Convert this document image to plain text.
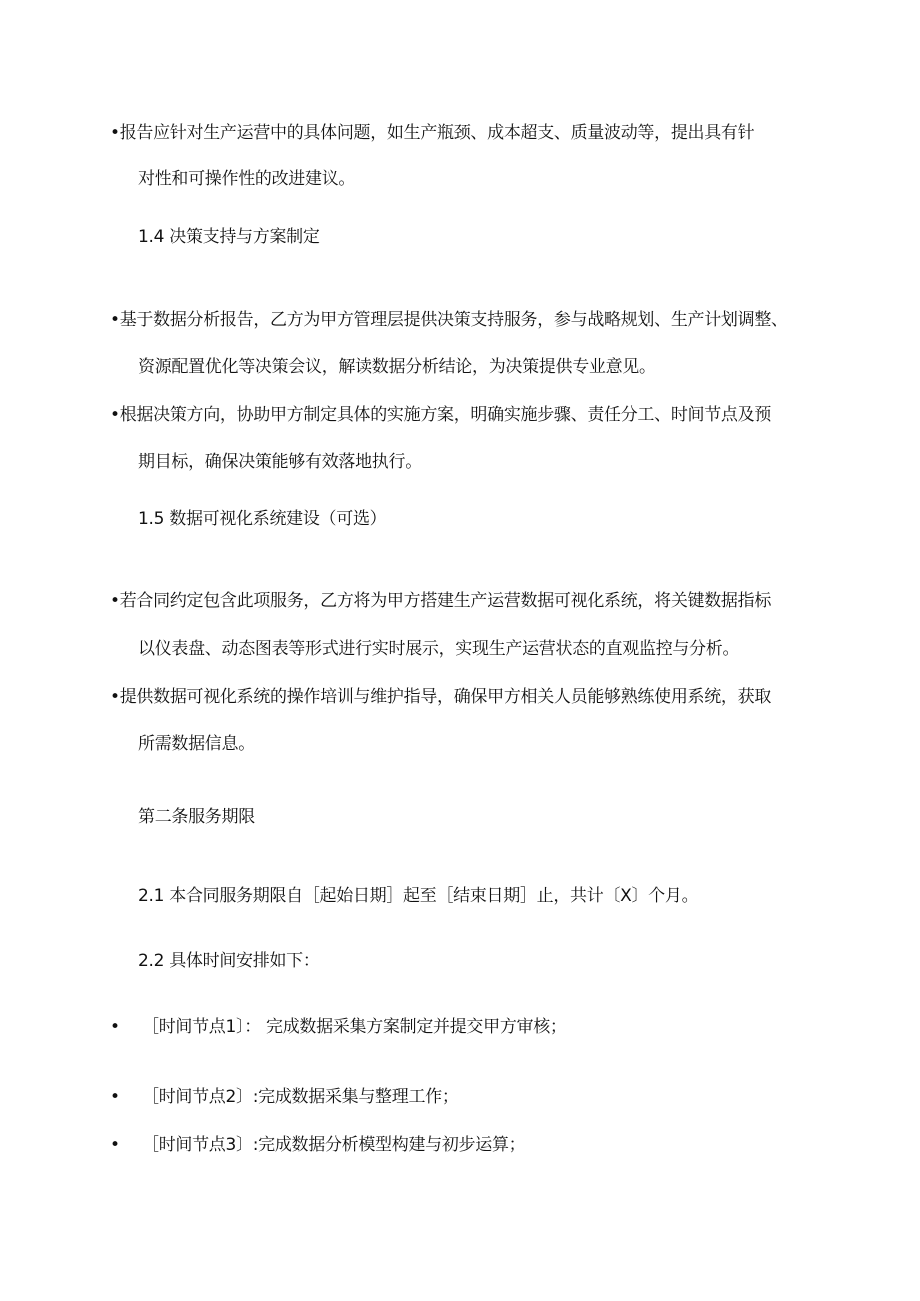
•报告应针对生产运营中的具体问题，如生产瓶颈、成本超支、质量波动等，提出具有针
对性和可操作性的改进建议。
1.4 决策支持与方案制定
•基于数据分析报告，乙方为甲方管理层提供决策支持服务，参与战略规划、生产计划调整、
资源配置优化等决策会议，解读数据分析结论，为决策提供专业意见。
•根据决策方向，协助甲方制定具体的实施方案，明确实施步骤、责任分工、时间节点及预
期目标，确保决策能够有效落地执行。
1.5 数据可视化系统建设（可选）
•若合同约定包含此项服务，乙方将为甲方搭建生产运营数据可视化系统，将关键数据指标
以仪表盘、动态图表等形式进行实时展示，实现生产运营状态的直观监控与分析。
•提供数据可视化系统的操作培训与维护指导，确保甲方相关人员能够熟练使用系统，获取
所需数据信息。
第二条服务期限
2.1 本合同服务期限自［起始日期］起至［结束日期］止，共计〔X〕个月。
2.2 具体时间安排如下：
• ［时间节点1〕： 完成数据采集方案制定并提交甲方审核；
• ［时间节点2〕:完成数据采集与整理工作；
• ［时间节点3〕:完成数据分析模型构建与初步运算；
